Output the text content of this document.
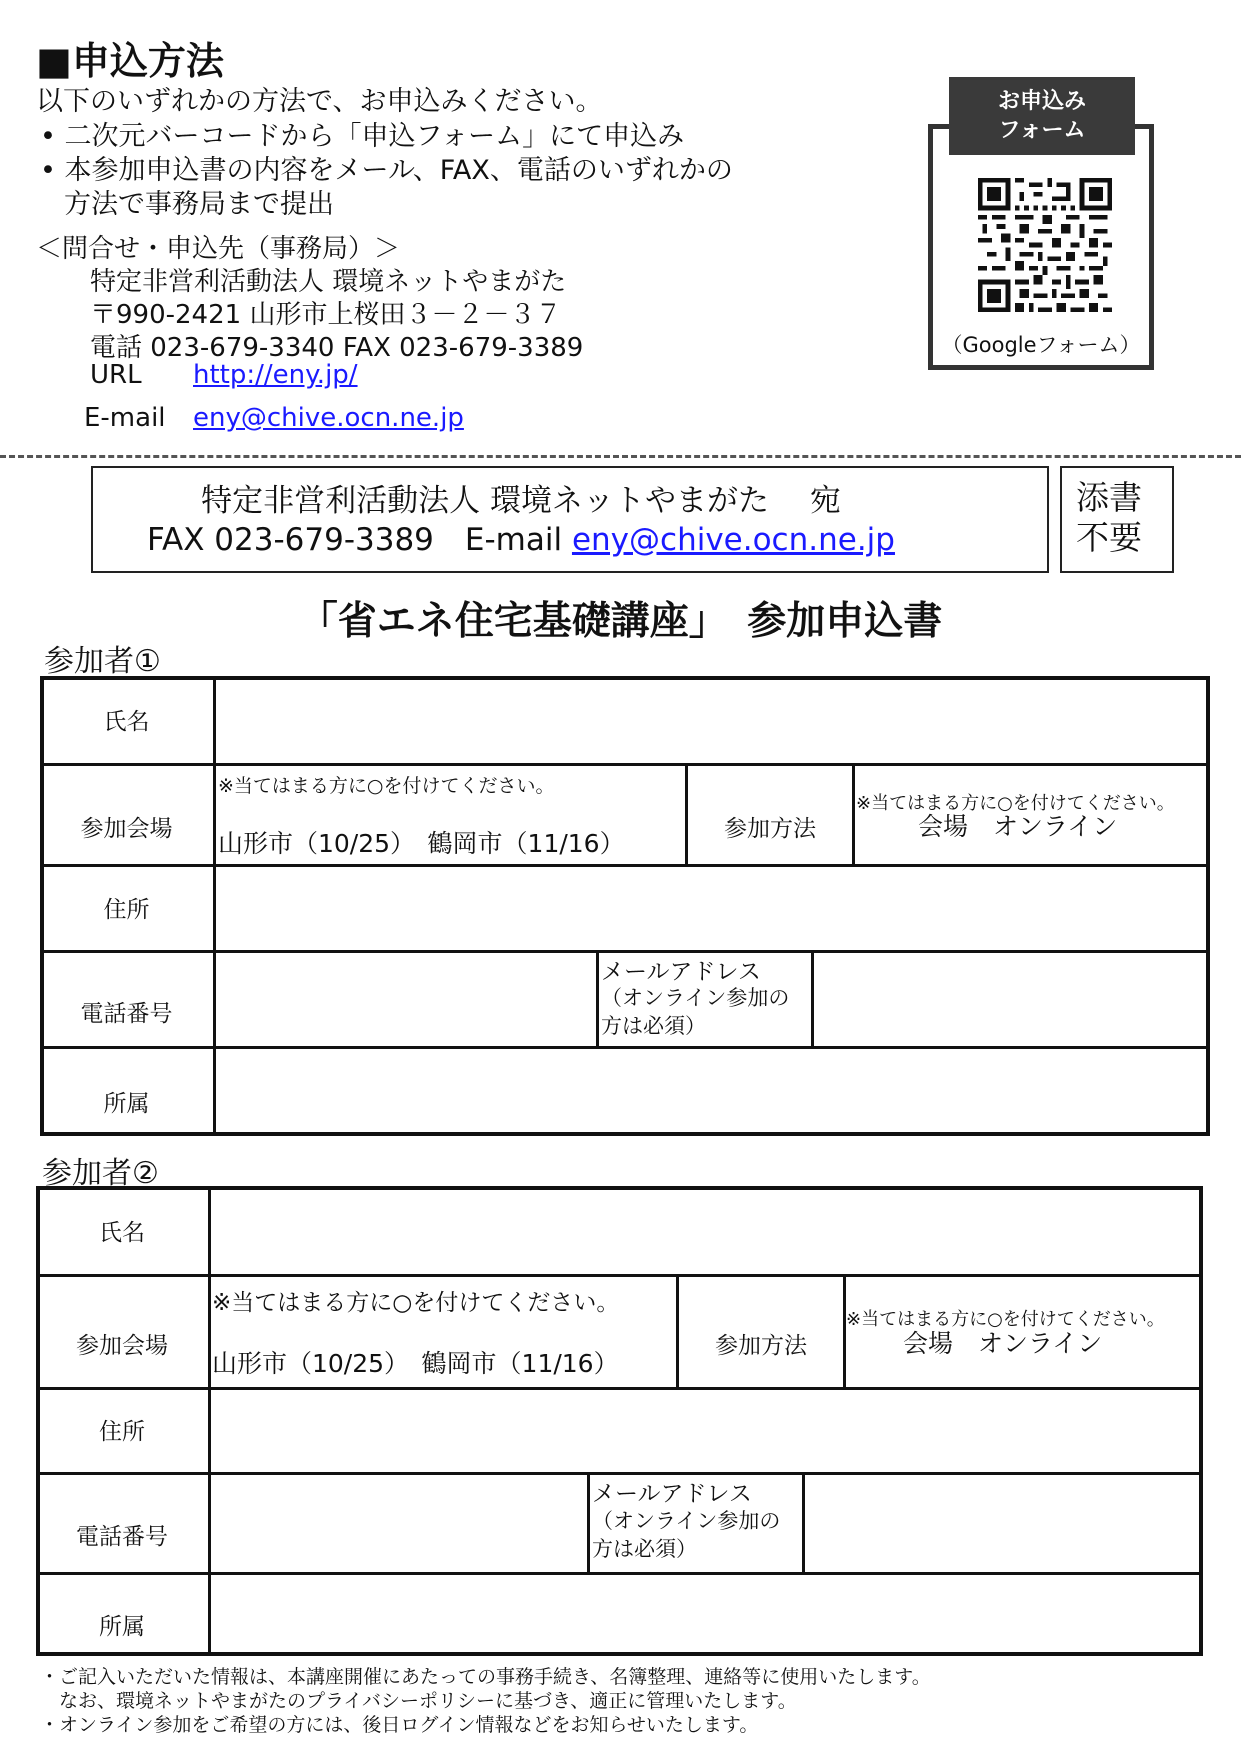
■申込方法
以下のいずれかの方法で、お申込みください。
• 二次元バーコードから「申込フォーム」にて申込み
• 本参加申込書の内容をメール、FAX、電話のいずれかの
方法で事務局まで提出
＜問合せ・申込先（事務局）＞
特定非営利活動法人 環境ネットやまがた
〒990-2421 山形市上桜田３－２－３７
電話 023-679-3340 FAX 023-679-3389
URL http://eny.jp/
E-mail eny@chive.ocn.ne.jp
お申込み
フォーム
（Googleフォーム）
特定非営利活動法人 環境ネットやまがた　 宛
FAX 023-679-3389　E-mail eny@chive.ocn.ne.jp
添書
不要
「省エネ住宅基礎講座」　参加申込書
参加者①
氏名
参加会場
※当てはまる方に○を付けてください。
山形市（10/25）　鶴岡市（11/16）	参加方法
※当てはまる方に○を付けてください。
会場　オンライン
住所
電話番号
メールアドレス
（オンライン参加の
方は必須）
所属
参加者②
氏名
参加会場
※当てはまる方に○を付けてください。
山形市（10/25）　鶴岡市（11/16）
参加方法
※当てはまる方に○を付けてください。
会場　オンライン
住所
電話番号
メールアドレス
（オンライン参加の
方は必須）
所属
・ご記入いただいた情報は、本講座開催にあたっての事務手続き、名簿整理、連絡等に使用いたします。
　なお、環境ネットやまがたのプライバシーポリシーに基づき、適正に管理いたします。
・オンライン参加をご希望の方には、後日ログイン情報などをお知らせいたします。
